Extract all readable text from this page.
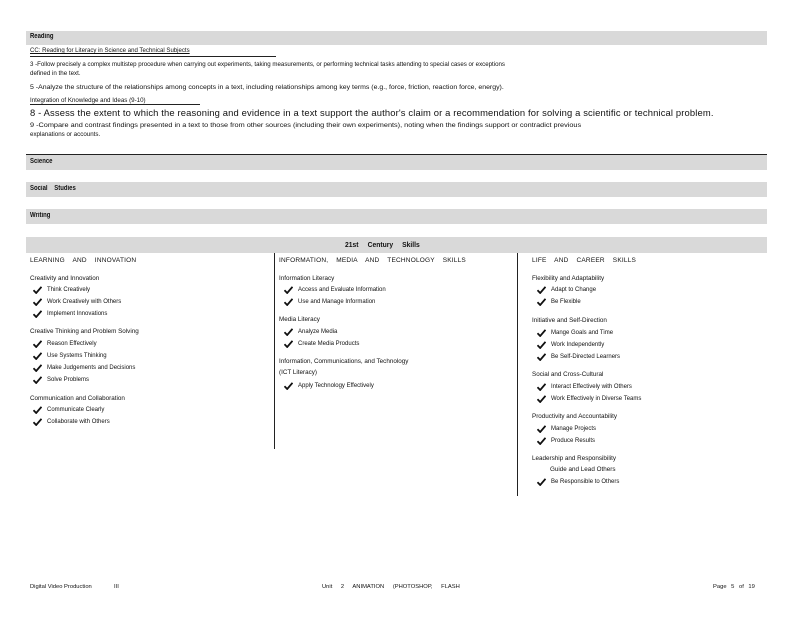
Reading
CC: Reading for Literacy in Science and Technical Subjects
3 -Follow precisely a complex multistep procedure when carrying out experiments, taking measurements, or performing technical tasks attending to special cases or exceptions
defined in the text.
5 -Analyze the structure of the relationships among concepts in a text, including relationships among key terms (e.g., force, friction, reaction force, energy).
Integration of Knowledge and Ideas (9-10)
8 - Assess the extent to which the reasoning and evidence in a text support the author's claim or a recommendation for solving a scientific or technical problem.
9 -Compare and contrast findings presented in a text to those from other sources (including their own experiments), noting when the findings support or contradict previous
explanations or accounts.
Science
Social Studies
Writing
21st Century Skills
LEARNING AND INNOVATION	INFORMATION, MEDIA AND TECHNOLOGY SKILLS	LIFE AND CAREER SKILLS
Creativity and Innovation
Think Creatively
Work Creatively with Others
Implement Innovations
Creative Thinking and Problem Solving
Reason Effectively
Use Systems Thinking
Make Judgements and Decisions
Solve Problems
Communication and Collaboration
Communicate Clearly
Collaborate with Others
Information Literacy
Access and Evaluate Information
Use and Manage Information
Media Literacy
Analyze Media
Create Media Products
Information, Communications, and Technology
(ICT Literacy)
Apply Technology Effectively
Flexibility and Adaptability
Adapt to Change
Be Flexible
Initiative and Self-Direction
Mange Goals and Time
Work Independently
Be Self-Directed Learners
Social and Cross-Cultural
Interact Effectively with Others
Work Effectively in Diverse Teams
Productivity and Accountability
Manage Projects
Produce Results
Leadership and Responsibility
Guide and Lead Others
Be Responsible to Others
Digital Video Production	III	Unit 2 ANIMATION (PHOTOSHOP, FLASH	Page 5 of 19
